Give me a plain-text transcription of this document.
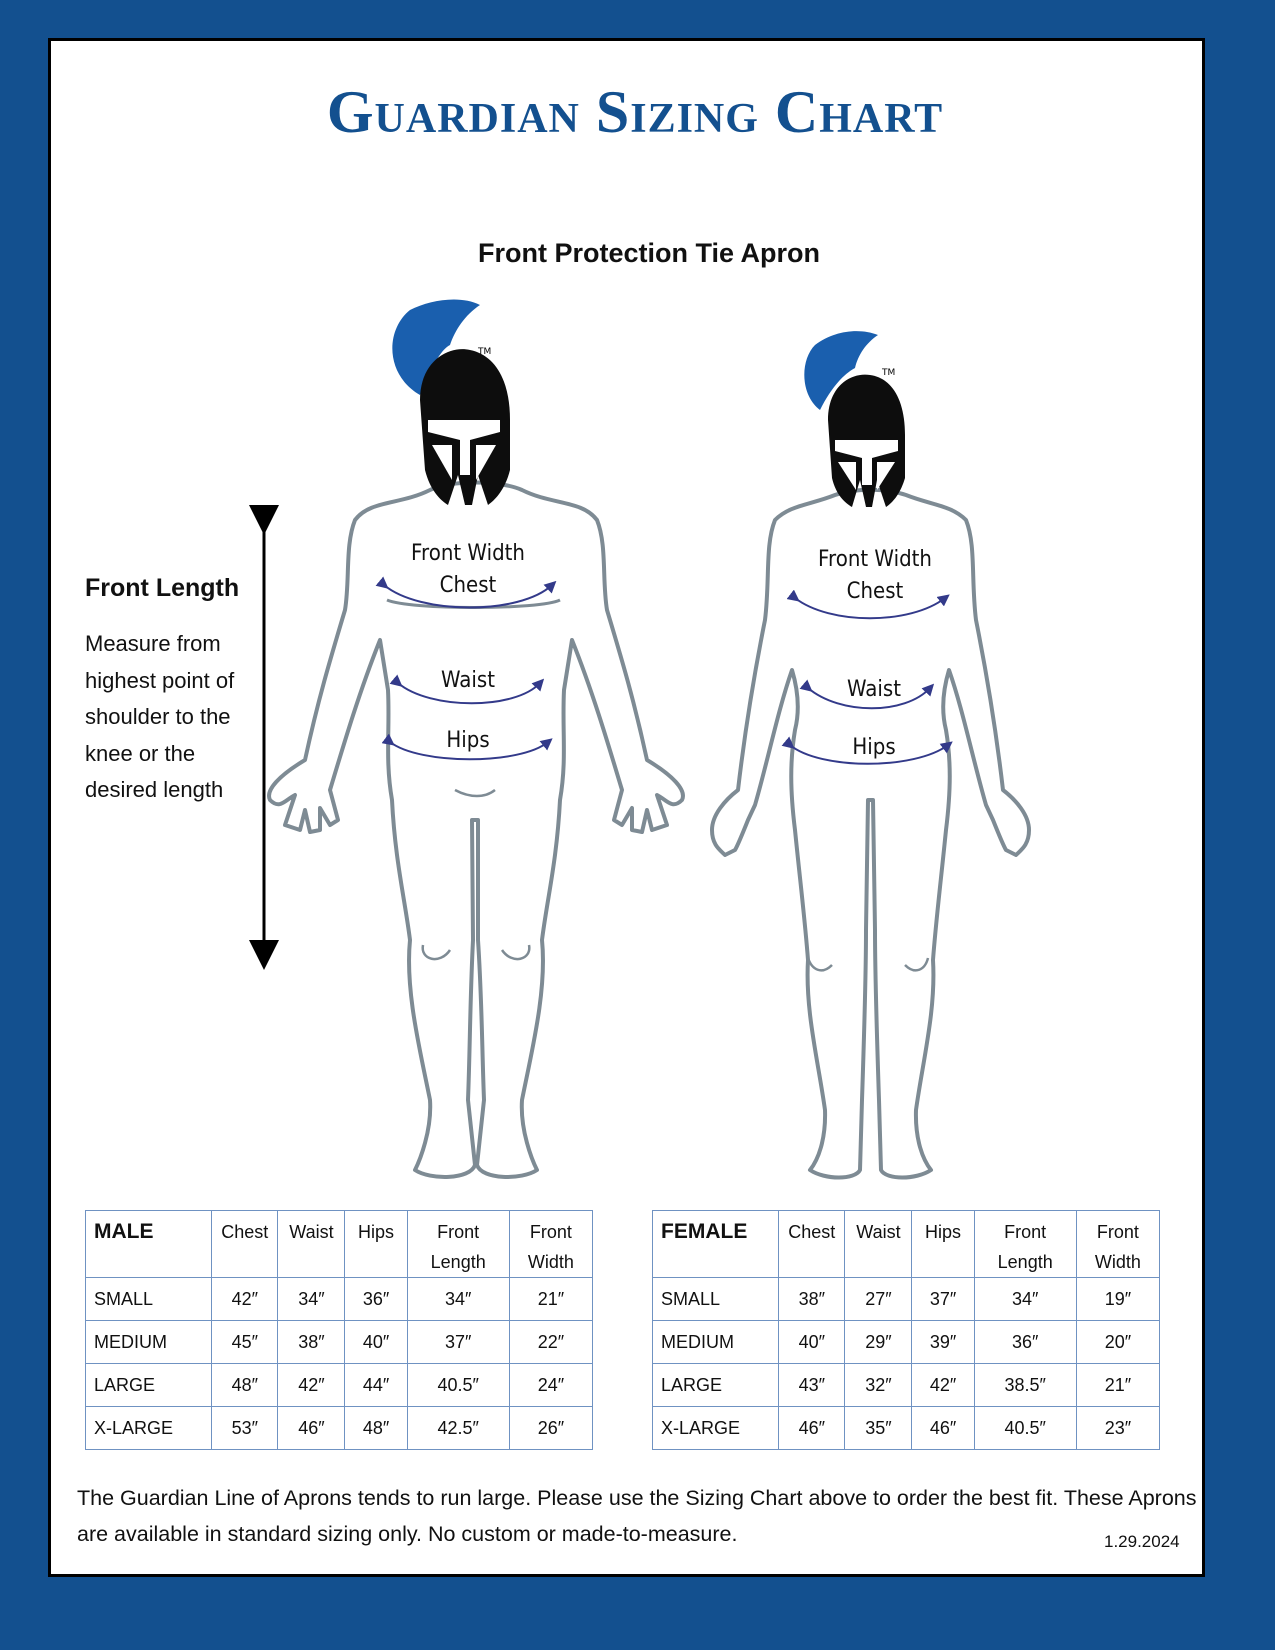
Guardian Sizing Chart
Front Protection Tie Apron
Front Length
Measure from highest point of shoulder to the knee or the desired length
TM
TM
Front Width
Chest
Waist
Hips
Front Width
Chest
Waist
Hips
MALE	Chest	Waist	Hips	Front Length	Front Width
SMALL	42″	34″	36″	34″	21″
MEDIUM	45″	38″	40″	37″	22″
LARGE	48″	42″	44″	40.5″	24″
X-LARGE	53″	46″	48″	42.5″	26″
FEMALE	Chest	Waist	Hips	Front Length	Front Width
SMALL	38″	27″	37″	34″	19″
MEDIUM	40″	29″	39″	36″	20″
LARGE	43″	32″	42″	38.5″	21″
X-LARGE	46″	35″	46″	40.5″	23″
The Guardian Line of Aprons tends to run large. Please use the Sizing Chart above to order the best fit. These Aprons are available in standard sizing only. No custom or made-to-measure.	1.29.2024
